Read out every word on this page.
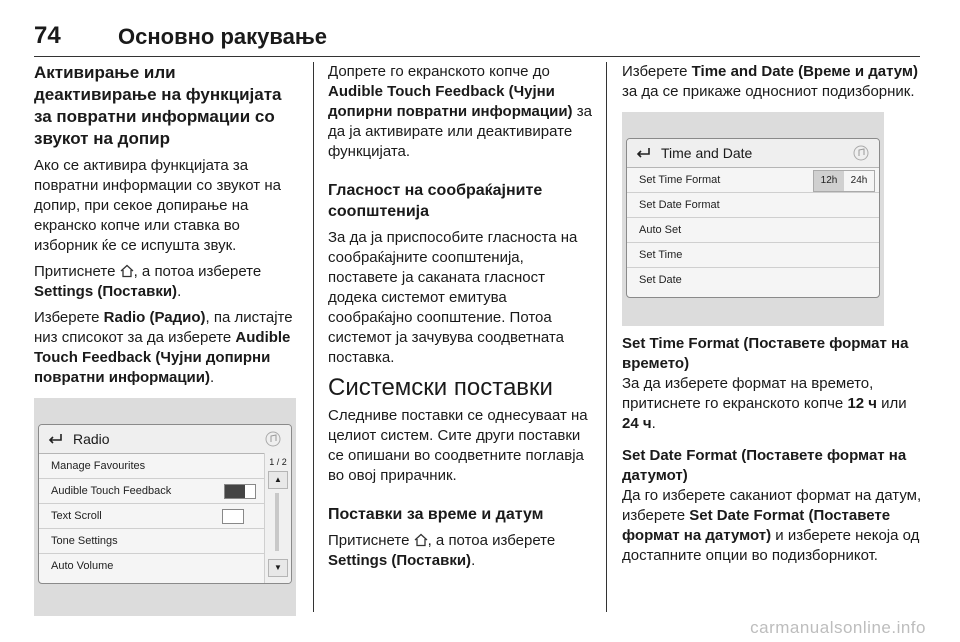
74	Основно ракување
Активирање или деактивирање на функцијата за повратни информации со звукот на допир

Ако се активира функцијата за повратни информации со звукот на допир, при секое допирање на екранско копче или ставка во изборник ќе се испушта звук.

Притиснете , а потоа изберете Settings (Поставки).

Изберете Radio (Радио), па листајте низ списокот за да изберете Audible Touch Feedback (Чујни допирни повратни информации).

Radio
Manage Favourites
Audible Touch Feedback
Text Scroll
Tone Settings
Auto Volume
1 / 2
▲
▼

Допрете го екранското копче до Audible Touch Feedback (Чујни допирни повратни информации) за да ја активирате или деактивирате функцијата.

Гласност на сообраќајните соопштенија

За да ја приспособите гласноста на сообраќајните соопштенија, поставете ја саканата гласност додека системот емитува сообраќајно соопштение. Потоа системот ја зачувува соодветната поставка.

Системски поставки

Следниве поставки се однесуваат на целиот систем. Сите други поставки се опишани во соодветните поглавја во овој прирачник.

Поставки за време и датум

Притиснете , а потоа изберете Settings (Поставки).

Изберете Time and Date (Време и датум) за да се прикаже односниот подизборник.

Time and Date
Set Time Format	12h	24h
Set Date Format
Auto Set
Set Time
Set Date
Set Time Format (Поставете формат на времето)

За да изберете формат на времето, притиснете го екранското копче 12 ч или 24 ч.

Set Date Format (Поставете формат на датумот)

Да го изберете саканиот формат на датум, изберете Set Date Format (Поставете формат на датумот) и изберете некоја од достапните опции во подизборникот.

carmanualsonline.info
